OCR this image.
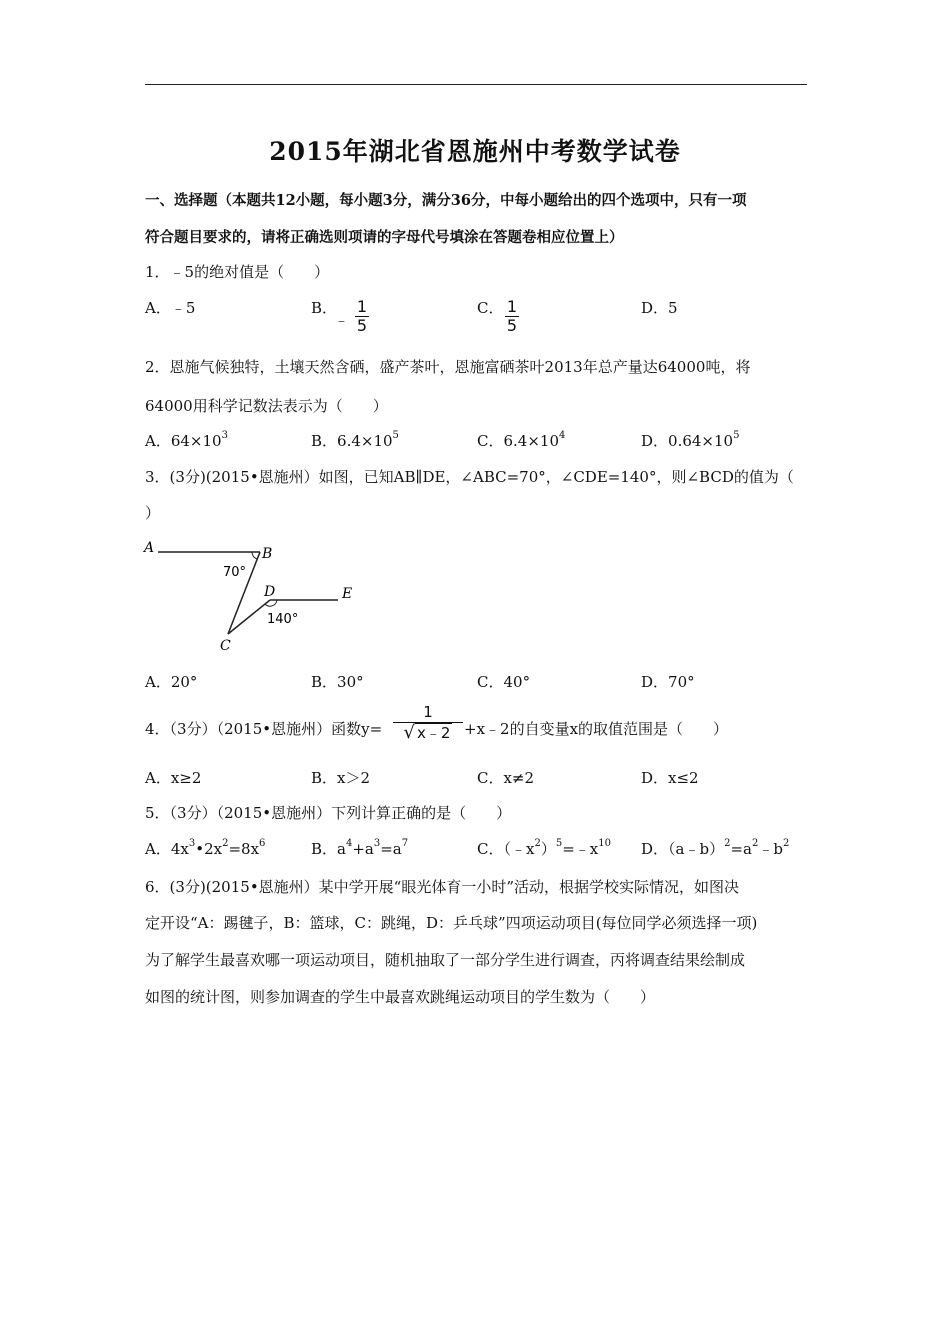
2015年湖北省恩施州中考数学试卷
一、选择题（本题共12小题，每小题3分，满分36分，中每小题给出的四个选项中，只有一项
符合题目要求的，请将正确选则项请的字母代号填涂在答题卷相应位置上）
1．﹣5的绝对值是（　　）
A．﹣5	B．
﹣
1
5
C． 1
5
D．5
2．恩施气候独特，土壤天然含硒，盛产茶叶，恩施富硒茶叶2013年总产量达64000吨，将
64000用科学记数法表示为（　　）
A．$64\times 10^3$	B．$6.4\times 10^5$	C．$6.4\times 10^4$	D．$0.64\times 10^5$
3．(3分)(2015•恩施州）如图，已知AB∥DE，∠ABC=70°，∠CDE=140°，则∠BCD的值为（
）
A	B
C
D	E
70°
140°
A．20°	B．30°	C．40°	D．70°
4．（3分）（2015•恩施州）函数y=
1
√ x﹣2 +x﹣2的自变量x的取值范围是（　　）
A．x≥2	B．x＞2	C．x≠2	D．x≤2
5．（3分）（2015•恩施州）下列计算正确的是（　　）
A．$4x^3•2x^2=8x^6$	B．$a^4+a^3=a^7$	C．$(﹣x^2)^5=﹣x^{10}$ D．$(a﹣b)^2=a^2﹣b^2$
6．(3分)(2015•恩施州）某中学开展“眼光体育一小时”活动，根据学校实际情况，如图决
定开设“A：踢毽子，B：篮球，C：跳绳，D：乒乓球”四项运动项目(每位同学必须选择一项)
为了解学生最喜欢哪一项运动项目，随机抽取了一部分学生进行调查，丙将调查结果绘制成
如图的统计图，则参加调查的学生中最喜欢跳绳运动项目的学生数为（　　）
